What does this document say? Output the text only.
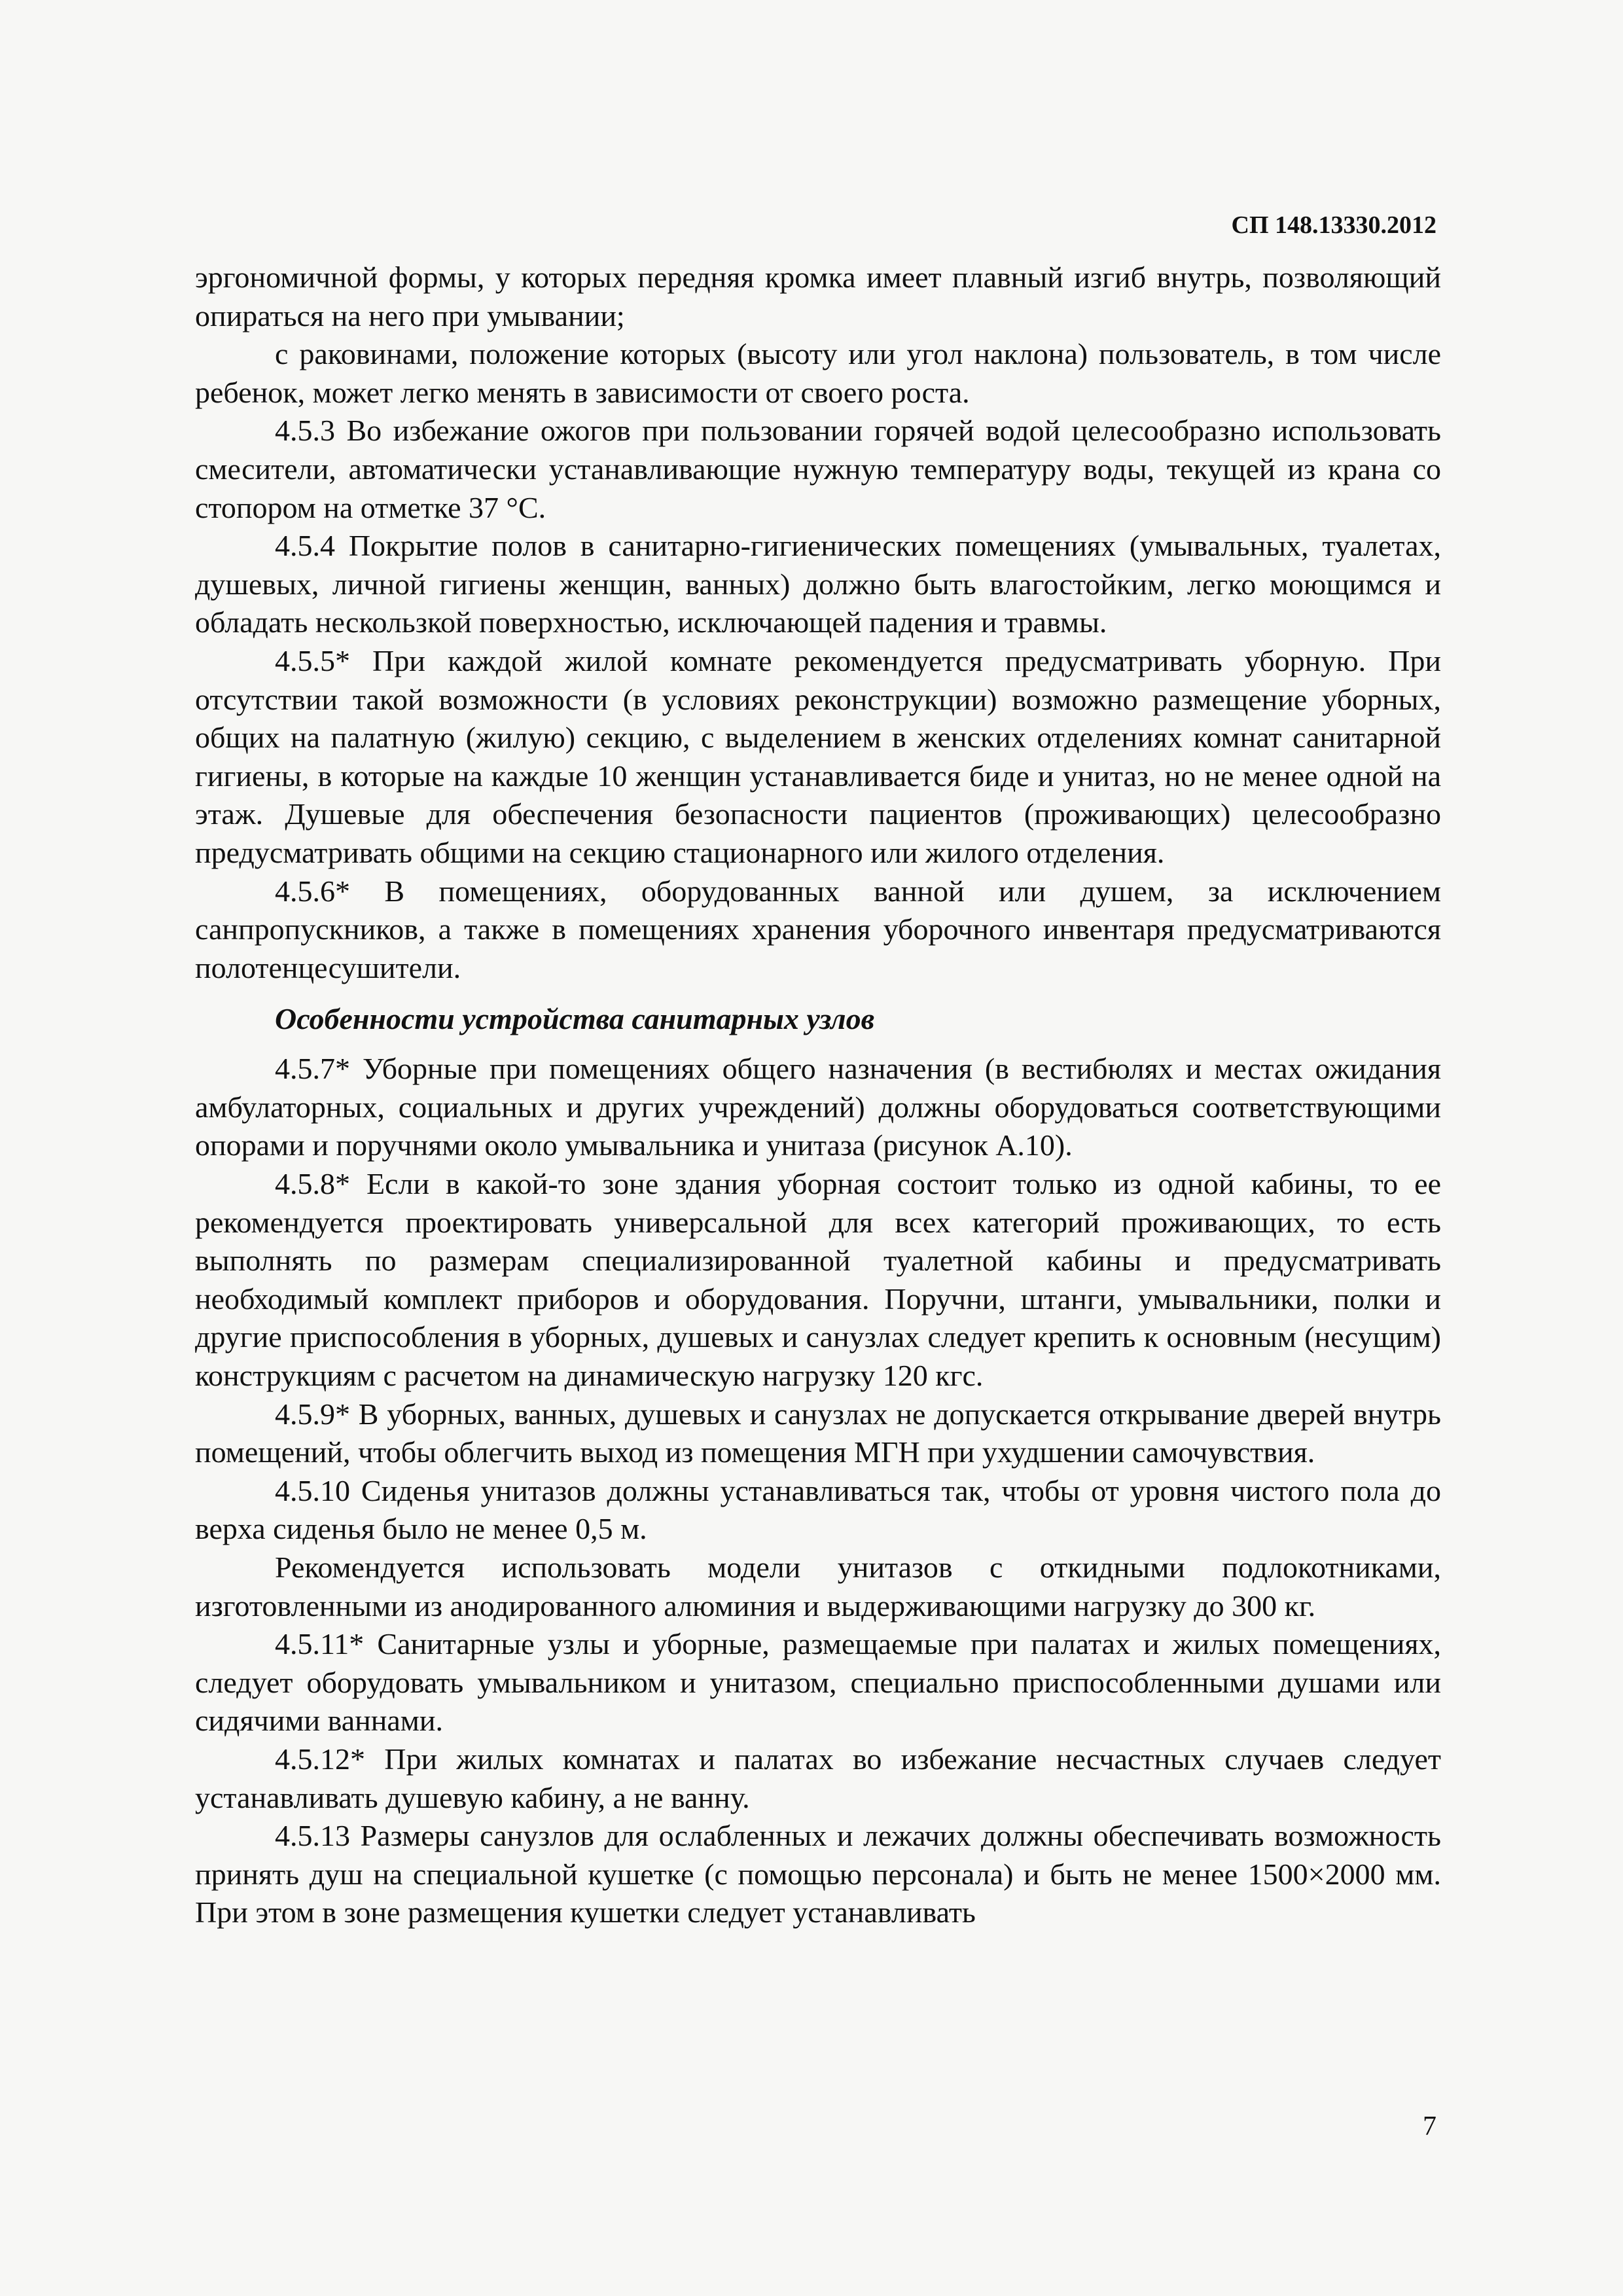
СП 148.13330.2012

эргономичной формы, у которых передняя кромка имеет плавный изгиб внутрь, позволяющий опираться на него при умывании;

с раковинами, положение которых (высоту или угол наклона) пользователь, в том числе ребенок, может легко менять в зависимости от своего роста.

4.5.3 Во избежание ожогов при пользовании горячей водой целесообразно использовать смесители, автоматически устанавливающие нужную температуру воды, текущей из крана со стопором на отметке 37 °С.

4.5.4 Покрытие полов в санитарно-гигиенических помещениях (умывальных, туалетах, душевых, личной гигиены женщин, ванных) должно быть влагостойким, легко моющимся и обладать нескользкой поверхностью, исключающей падения и травмы.

4.5.5* При каждой жилой комнате рекомендуется предусматривать уборную. При отсутствии такой возможности (в условиях реконструкции) возможно размещение уборных, общих на палатную (жилую) секцию, с выделением в женских отделениях комнат санитарной гигиены, в которые на каждые 10 женщин устанавливается биде и унитаз, но не менее одной на этаж. Душевые для обеспечения безопасности пациентов (проживающих) целесообразно предусматривать общими на секцию стационарного или жилого отделения.

4.5.6* В помещениях, оборудованных ванной или душем, за исключением санпропускников, а также в помещениях хранения уборочного инвентаря предусматриваются полотенцесушители.

Особенности устройства санитарных узлов

4.5.7* Уборные при помещениях общего назначения (в вестибюлях и местах ожидания амбулаторных, социальных и других учреждений) должны оборудоваться соответствующими опорами и поручнями около умывальника и унитаза (рисунок А.10).

4.5.8* Если в какой-то зоне здания уборная состоит только из одной кабины, то ее рекомендуется проектировать универсальной для всех категорий проживающих, то есть выполнять по размерам специализированной туалетной кабины и предусматривать необходимый комплект приборов и оборудования. Поручни, штанги, умывальники, полки и другие приспособления в уборных, душевых и санузлах следует крепить к основным (несущим) конструкциям с расчетом на динамическую нагрузку 120 кгс.

4.5.9* В уборных, ванных, душевых и санузлах не допускается открывание дверей внутрь помещений, чтобы облегчить выход из помещения МГН при ухудшении самочувствия.

4.5.10 Сиденья унитазов должны устанавливаться так, чтобы от уровня чистого пола до верха сиденья было не менее 0,5 м.

Рекомендуется использовать модели унитазов с откидными подлокотниками, изготовленными из анодированного алюминия и выдерживающими нагрузку до 300 кг.

4.5.11* Санитарные узлы и уборные, размещаемые при палатах и жилых помещениях, следует оборудовать умывальником и унитазом, специально приспособленными душами или сидячими ваннами.

4.5.12* При жилых комнатах и палатах во избежание несчастных случаев следует устанавливать душевую кабину, а не ванну.

4.5.13 Размеры санузлов для ослабленных и лежачих должны обеспечивать возможность принять душ на специальной кушетке (с помощью персонала) и быть не менее 1500×2000 мм. При этом в зоне размещения кушетки следует устанавливать

7
